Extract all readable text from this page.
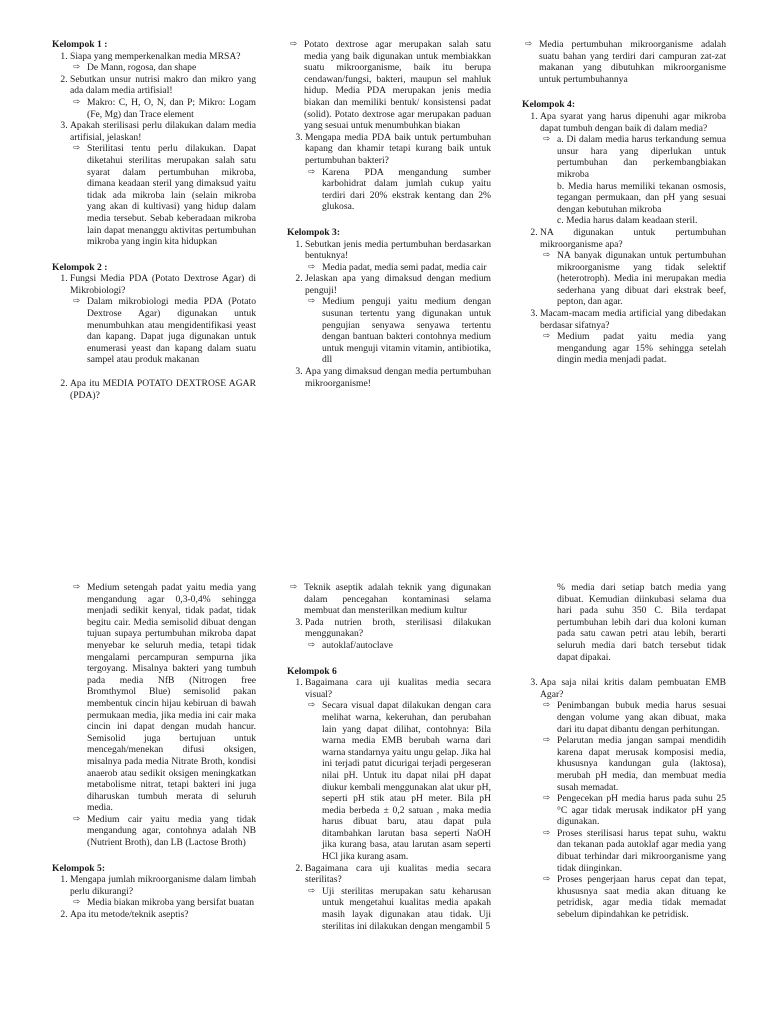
Kelompok 1 :

1. Siapa yang memperkenalkan media MRSA?

⇨ De Mann, rogosa, dan shape

2. Sebutkan unsur nutrisi makro dan mikro yang ada dalam media artifisial!

⇨ Makro: C, H, O, N, dan P; Mikro: Logam (Fe, Mg) dan Trace element

3. Apakah sterilisasi perlu dilakukan dalam media artifisial, jelaskan!

⇨ Sterilitasi tentu perlu dilakukan. Dapat diketahui sterilitas merupakan salah satu syarat dalam pertumbuhan mikroba, dimana keadaan steril yang dimaksud yaitu tidak ada mikroba lain (selain mikroba yang akan di kultivasi) yang hidup dalam media tersebut. Sebab keberadaan mikroba lain dapat menanggu aktivitas pertumbuhan mikroba yang ingin kita hidupkan

Kelompok 2 :

1. Fungsi Media PDA (Potato Dextrose Agar) di Mikrobiologi?

⇨ Dalam mikrobiologi media PDA (Potato Dextrose Agar) digunakan untuk menumbuhkan atau mengidentifikasi yeast dan kapang. Dapat juga digunakan untuk enumerasi yeast dan kapang dalam suatu sampel atau produk makanan

2. Apa itu MEDIA POTATO DEXTROSE AGAR (PDA)?

⇨ Potato dextrose agar merupakan salah satu media yang baik digunakan untuk membiakkan suatu mikroorganisme, baik itu berupa cendawan/fungsi, bakteri, maupun sel mahluk hidup. Media PDA merupakan jenis media biakan dan memiliki bentuk/ konsistensi padat (solid). Potato dextrose agar merupakan paduan yang sesuai untuk menumbuhkan biakan

3. Mengapa media PDA baik untuk pertumbuhan kapang dan khamir tetapi kurang baik untuk pertumbuhan bakteri?

⇨ Karena PDA mengandung sumber karbohidrat dalam jumlah cukup yaitu terdiri dari 20% ekstrak kentang dan 2% glukosa.

Kelompok 3:

1. Sebutkan jenis media pertumbuhan berdasarkan bentuknya!

⇨ Media padat, media semi padat, media cair

2. Jelaskan apa yang dimaksud dengan medium penguji!

⇨ Medium penguji yaitu medium dengan susunan tertentu yang digunakan untuk pengujian senyawa senyawa tertentu dengan bantuan bakteri contohnya medium untuk menguji vitamin vitamin, antibiotika, dll

3. Apa yang dimaksud dengan media pertumbuhan mikroorganisme!

⇨ Media pertumbuhan mikroorganisme adalah suatu bahan yang terdiri dari campuran zat-zat makanan yang dibutuhkan mikroorganisme untuk pertumbuhannya

Kelompok 4:

1. Apa syarat yang harus dipenuhi agar mikroba dapat tumbuh dengan baik di dalam media?

⇨ a. Di dalam media harus terkandung semua unsur hara yang diperlukan untuk pertumbuhan dan perkembangbiakan mikroba

b. Media harus memiliki tekanan osmosis, tegangan permukaan, dan pH yang sesuai dengan kebutuhan mikroba

c. Media harus dalam keadaan steril.

2. NA digunakan untuk pertumbuhan mikroorganisme apa?

⇨ NA banyak digunakan untuk pertumbuhan mikroorganisme yang tidak selektif (heterotroph). Media ini merupakan media sederhana yang dibuat dari ekstrak beef, pepton, dan agar.

3. Macam-macam media artificial yang dibedakan berdasar sifatnya?

⇨ Medium padat yaitu media yang mengandung agar 15% sehingga setelah dingin media menjadi padat.

⇨ Medium setengah padat yaitu media yang mengandung agar 0,3-0,4% sehingga menjadi sedikit kenyal, tidak padat, tidak begitu cair. Media semisolid dibuat dengan tujuan supaya pertumbuhan mikroba dapat menyebar ke seluruh media, tetapi tidak mengalami percampuran sempurna jika tergoyang. Misalnya bakteri yang tumbuh pada media NfB (Nitrogen free Bromthymol Blue) semisolid pakan membentuk cincin hijau kebiruan di bawah permukaan media, jika media ini cair maka cincin ini dapat dengan mudah hancur. Semisolid juga bertujuan untuk mencegah/menekan difusi oksigen, misalnya pada media Nitrate Broth, kondisi anaerob atau sedikit oksigen meningkatkan metabolisme nitrat, tetapi bakteri ini juga diharuskan tumbuh merata di seluruh media.

⇨ Medium cair yaitu media yang tidak mengandung agar, contohnya adalah NB (Nutrient Broth), dan LB (Lactose Broth)

Kelompok 5:

1. Mengapa jumlah mikroorganisme dalam limbah perlu dikurangi?

⇨ Media biakan mikroba yang bersifat buatan

2. Apa itu metode/teknik aseptis?

⇨ Teknik aseptik adalah teknik yang digunakan dalam pencegahan kontaminasi selama membuat dan mensterilkan medium kultur

3. Pada nutrien broth, sterilisasi dilakukan menggunakan?

⇨ autoklaf/autoclave

Kelompok 6

1. Bagaimana cara uji kualitas media secara visual?

⇨ Secara visual dapat dilakukan dengan cara melihat warna, kekeruhan, dan perubahan lain yang dapat dilihat, contohnya: Bila warna media EMB berubah warna dari warna standarnya yaitu ungu gelap. Jika hal ini terjadi patut dicurigai terjadi pergeseran nilai pH. Untuk itu dapat nilai pH dapat diukur kembali menggunakan alat ukur pH, seperti pH stik atau pH meter. Bila pH media berbeda ± 0,2 satuan , maka media harus dibuat baru, atau dapat pula ditambahkan larutan basa seperti NaOH jika kurang basa, atau larutan asam seperti HCl jika kurang asam.

2. Bagaimana cara uji kualitas media secara sterilitas?

⇨ Uji sterilitas merupakan satu keharusan untuk mengetahui kualitas media apakah masih layak digunakan atau tidak. Uji sterilitas ini dilakukan dengan mengambil 5

% media dari setiap batch media yang dibuat. Kemudian diinkubasi selama dua hari pada suhu 350 C. Bila terdapat pertumbuhan lebih dari dua koloni kuman pada satu cawan petri atau lebih, berarti seluruh media dari batch tersebut tidak dapat dipakai.

3. Apa saja nilai kritis dalam pembuatan EMB Agar?

⇨ Penimbangan bubuk media harus sesuai dengan volume yang akan dibuat, maka dari itu dapat dibantu dengan perhitungan.

⇨ Pelarutan media jangan sampai mendidih karena dapat merusak komposisi media, khususnya kandungan gula (laktosa), merubah pH media, dan membuat media susah memadat.

⇨ Pengecekan pH media harus pada suhu 25 °C agar tidak merusak indikator pH yang digunakan.

⇨ Proses sterilisasi harus tepat suhu, waktu dan tekanan pada autoklaf agar media yang dibuat terhindar dari mikroorganisme yang tidak diinginkan.

⇨ Proses pengerjaan harus cepat dan tepat, khususnya saat media akan dituang ke petridisk, agar media tidak memadat sebelum dipindahkan ke petridisk.
